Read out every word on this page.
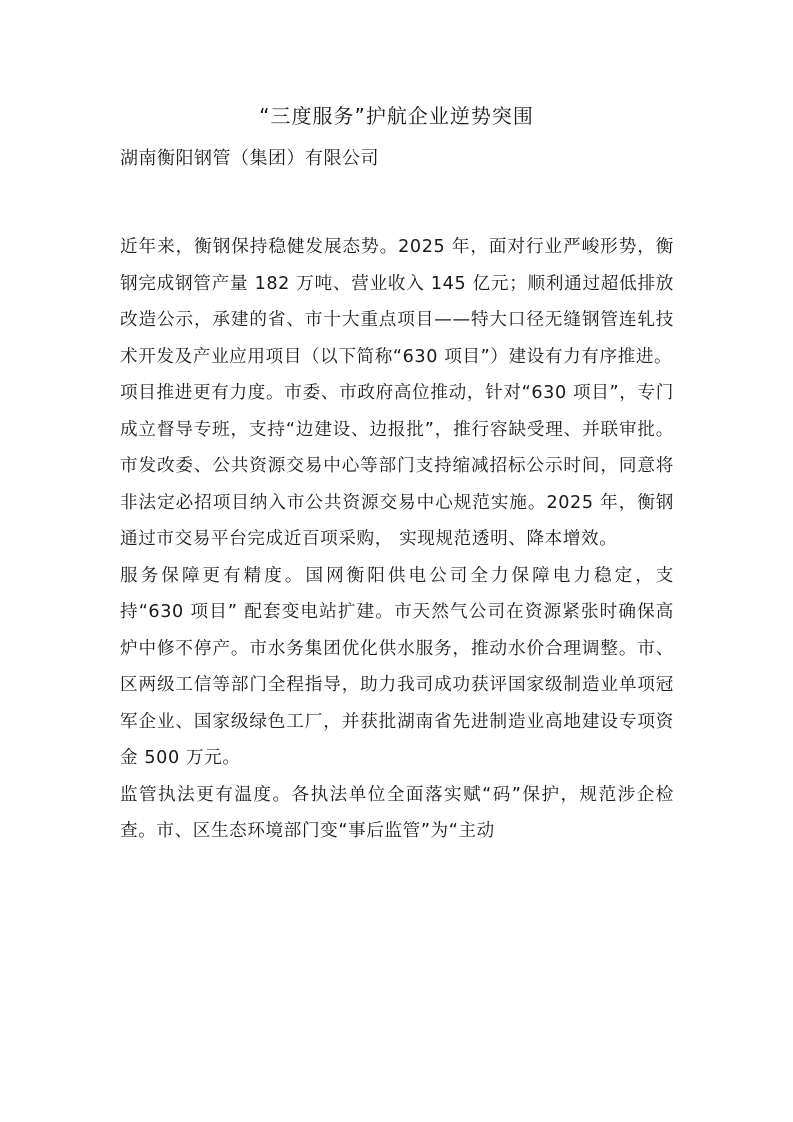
“三度服务”护航企业逆势突围

湖南衡阳钢管（集团）有限公司

近年来，衡钢保持稳健发展态势。2025 年，面对行业严峻形势，衡钢完成钢管产量 182 万吨、营业收入 145 亿元；顺利通过超低排放改造公示，承建的省、市十大重点项目——特大口径无缝钢管连轧技术开发及产业应用项目（以下简称“630 项目”）建设有力有序推进。

项目推进更有力度。市委、市政府高位推动，针对“630 项目”，专门成立督导专班，支持“边建设、边报批”，推行容缺受理、并联审批。市发改委、公共资源交易中心等部门支持缩减招标公示时间，同意将非法定必招项目纳入市公共资源交易中心规范实施。2025 年，衡钢通过市交易平台完成近百项采购， 实现规范透明、降本增效。

服务保障更有精度。国网衡阳供电公司全力保障电力稳定，支持“630 项目” 配套变电站扩建。市天然气公司在资源紧张时确保高炉中修不停产。市水务集团优化供水服务，推动水价合理调整。市、区两级工信等部门全程指导，助力我司成功获评国家级制造业单项冠军企业、国家级绿色工厂，并获批湖南省先进制造业高地建设专项资金 500 万元。

监管执法更有温度。各执法单位全面落实赋“码”保护，规范涉企检查。市、区生态环境部门变“事后监管”为“主动
